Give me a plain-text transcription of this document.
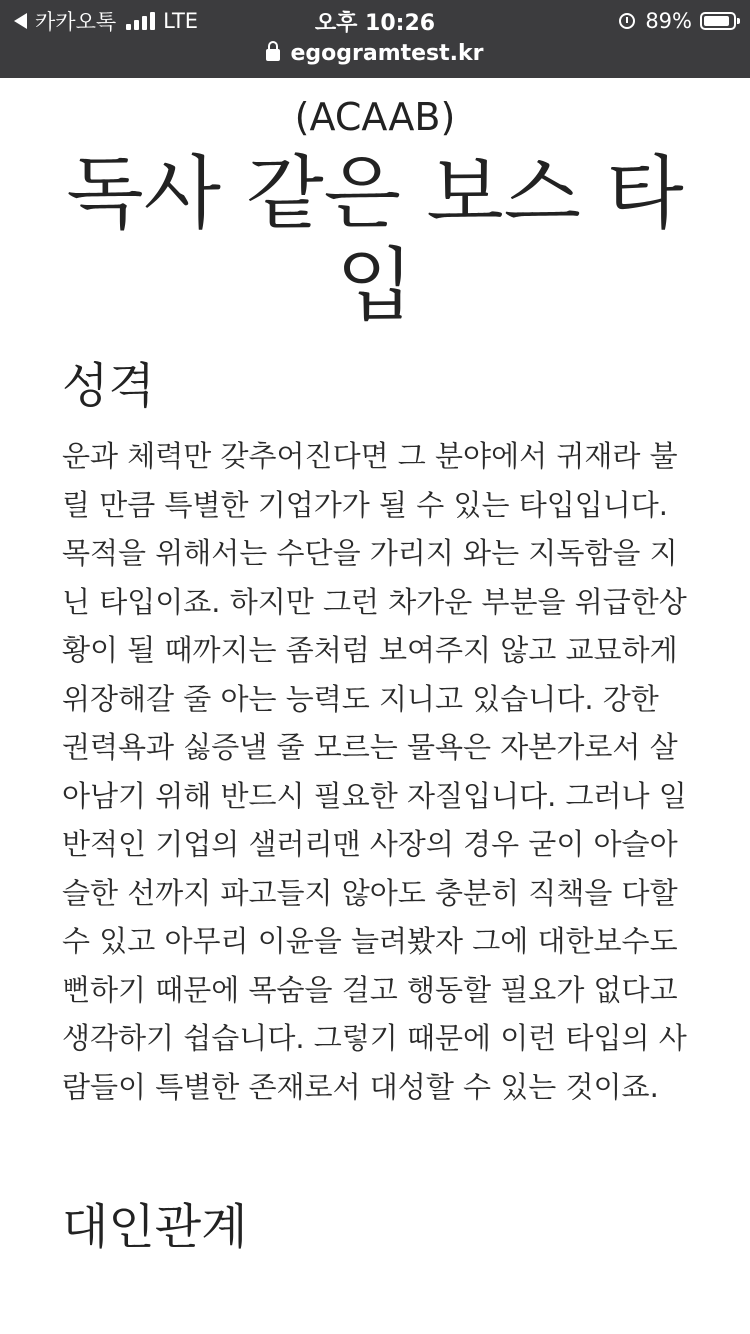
카카오톡 LTE	오후 10:26	89%
egogramtest.kr
(ACAAB)
독사 같은 보스 타입
성격

운과 체력만 갖추어진다면 그 분야에서 귀재라 불릴 만큼 특별한 기업가가 될 수 있는 타입입니다. 목적을 위해서는 수단을 가리지 와는 지독함을 지닌 타입이죠. 하지만 그런 차가운 부분을 위급한상황이 될 때까지는 좀처럼 보여주지 않고 교묘하게 위장해갈 줄 아는 능력도 지니고 있습니다. 강한 권력욕과 싫증낼 줄 모르는 물욕은 자본가로서 살아남기 위해 반드시 필요한 자질입니다. 그러나 일반적인 기업의 샐러리맨 사장의 경우 굳이 아슬아슬한 선까지 파고들지 않아도 충분히 직책을 다할 수 있고 아무리 이윤을 늘려봤자 그에 대한보수도 뻔하기 때문에 목숨을 걸고 행동할 필요가 없다고 생각하기 쉽습니다. 그렇기 때문에 이런 타입의 사람들이 특별한 존재로서 대성할 수 있는 것이죠.

대인관계
